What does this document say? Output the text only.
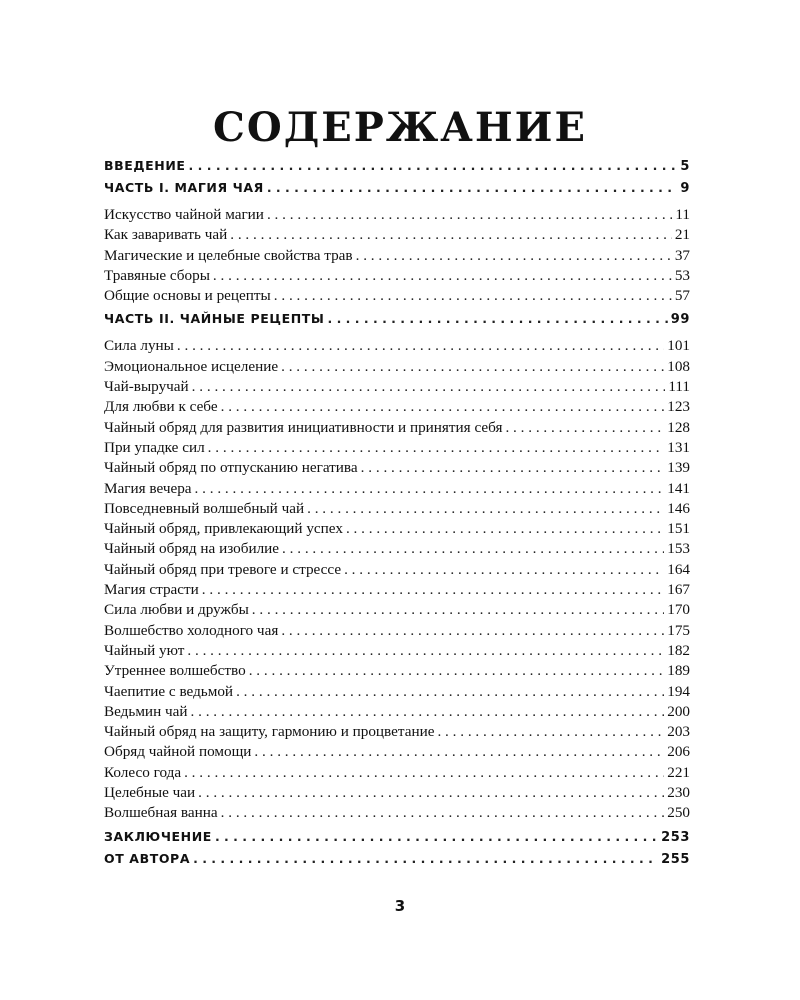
СОДЕРЖАНИЕ
ВВЕДЕНИЕ . . .	5
ЧАСТЬ I. МАГИЯ ЧАЯ . . .	9
Искусство чайной магии . . .	11
Как заваривать чай . . .	21
Магические и целебные свойства трав . . .	37
Травяные сборы . . .	53
Общие основы и рецепты . . .	57
ЧАСТЬ II. ЧАЙНЫЕ РЕЦЕПТЫ . . .	99
Сила луны . . .	101
Эмоциональное исцеление . . .	108
Чай-выручай . . .	111
Для любви к себе . . .	123
Чайный обряд для развития инициативности и принятия себя . . .	128
При упадке сил . . .	131
Чайный обряд по отпусканию негатива . . .	139
Магия вечера . . .	141
Повседневный волшебный чай . . .	146
Чайный обряд, привлекающий успех . . .	151
Чайный обряд на изобилие . . .	153
Чайный обряд при тревоге и стрессе . . .	164
Магия страсти . . .	167
Сила любви и дружбы . . .	170
Волшебство холодного чая . . .	175
Чайный уют . . .	182
Утреннее волшебство . . .	189
Чаепитие с ведьмой . . .	194
Ведьмин чай . . .	200
Чайный обряд на защиту, гармонию и процветание . . .	203
Обряд чайной помощи . . .	206
Колесо года . . .	221
Целебные чаи . . .	230
Волшебная ванна . . .	250
ЗАКЛЮЧЕНИЕ . . .	253
ОТ АВТОРА . . .	255
3
